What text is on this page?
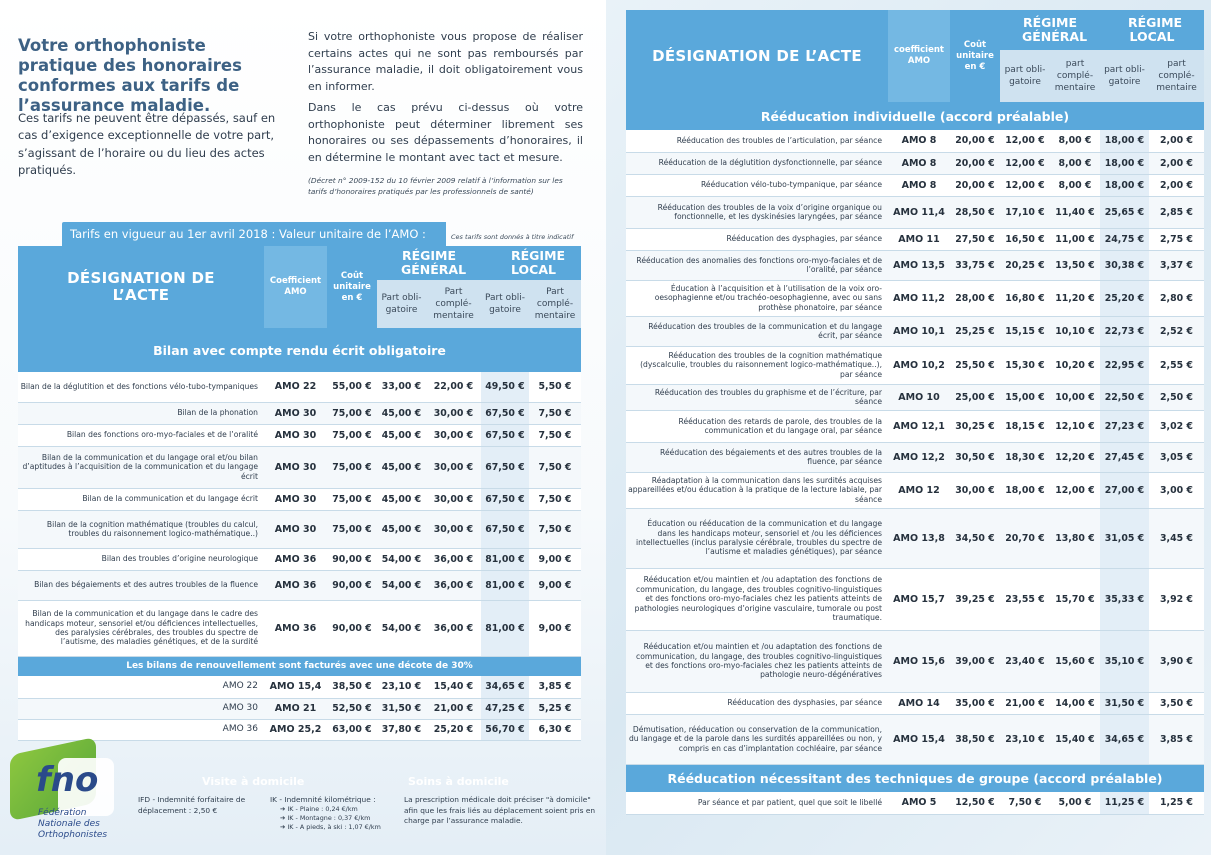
Votre orthophoniste pratique des honoraires conformes aux tarifs de l’assurance maladie.
Ces tarifs ne peuvent être dépassés, sauf en cas d’exigence exceptionnelle de votre part, s’agissant de l’horaire ou du lieu des actes pratiqués.
Si votre orthophoniste vous propose de réaliser certains actes qui ne sont pas remboursés par l’assurance maladie, il doit obligatoirement vous en informer.
Dans le cas prévu ci-dessus où votre orthophoniste peut déterminer librement ses honoraires ou ses dépassements d’honoraires, il en détermine le montant avec tact et mesure.
(Décret n° 2009-152 du 10 février 2009 relatif à l’information sur les tarifs d’honoraires pratiqués par les professionnels de santé)
Tarifs en vigueur au 1er avril 2018 : Valeur unitaire de l’AMO :	Ces tarifs sont donnés à titre indicatif
DÉSIGNATION DE L’ACTE	Coefficient AMO	Coût unitaire en €	RÉGIME GÉNÉRAL		RÉGIME LOCAL	
			Part obli-gatoire	Part complé-mentaire	Part obli-gatoire	Part complé-mentaire
Bilan avec compte rendu écrit obligatoire						
Bilan de la déglutition et des fonctions vélo-tubo-tympaniques	AMO 22	55,00 €	33,00 €	22,00 €	49,50 €	5,50 €
Bilan de la phonation	AMO 30	75,00 €	45,00 €	30,00 €	67,50 €	7,50 €
Bilan des fonctions oro-myo-faciales et de l’oralité	AMO 30	75,00 €	45,00 €	30,00 €	67,50 €	7,50 €
Bilan de la communication et du langage oral et/ou bilan d’aptitudes à l’acquisition de la communication et du langage écrit	AMO 30	75,00 €	45,00 €	30,00 €	67,50 €	7,50 €
Bilan de la communication et du langage écrit	AMO 30	75,00 €	45,00 €	30,00 €	67,50 €	7,50 €
Bilan de la cognition mathématique (troubles du calcul, troubles du raisonnement logico-mathématique..)	AMO 30	75,00 €	45,00 €	30,00 €	67,50 €	7,50 €
Bilan des troubles d’origine neurologique	AMO 36	90,00 €	54,00 €	36,00 €	81,00 €	9,00 €
Bilan des bégaiements et des autres troubles de la fluence	AMO 36	90,00 €	54,00 €	36,00 €	81,00 €	9,00 €
Bilan de la communication et du langage dans le cadre des handicaps moteur, sensoriel et/ou déficiences intellectuelles, des paralysies cérébrales, des troubles du spectre de l’autisme, des maladies génétiques, et de la surdité	AMO 36	90,00 €	54,00 €	36,00 €	81,00 €	9,00 €
Les bilans de renouvellement sont facturés avec une décote de 30%						
AMO 22	AMO 15,4	38,50 €	23,10 €	15,40 €	34,65 €	3,85 €
AMO 30	AMO 21	52,50 €	31,50 €	21,00 €	47,25 €	5,25 €
AMO 36	AMO 25,2	63,00 €	37,80 €	25,20 €	56,70 €	6,30 €
DÉSIGNATION DE L’ACTE	coefficient AMO	Coût unitaire en €	RÉGIME GÉNÉRAL		RÉGIME LOCAL	
			part obli-gatoire	part complé-mentaire	part obli-gatoire	part complé-mentaire
Rééducation individuelle (accord préalable)						
Rééducation des troubles de l’articulation, par séance	AMO 8	20,00 €	12,00 €	8,00 €	18,00 €	2,00 €
Rééducation de la déglutition dysfonctionnelle, par séance	AMO 8	20,00 €	12,00 €	8,00 €	18,00 €	2,00 €
Rééducation vélo-tubo-tympanique, par séance	AMO 8	20,00 €	12,00 €	8,00 €	18,00 €	2,00 €
Rééducation des troubles de la voix d’origine organique ou fonctionnelle, et les dyskinésies laryngées, par séance	AMO 11,4	28,50 €	17,10 €	11,40 €	25,65 €	2,85 €
Rééducation des dysphagies, par séance	AMO 11	27,50 €	16,50 €	11,00 €	24,75 €	2,75 €
Rééducation des anomalies des fonctions oro-myo-faciales et de l’oralité, par séance	AMO 13,5	33,75 €	20,25 €	13,50 €	30,38 €	3,37 €
Éducation à l’acquisition et à l’utilisation de la voix oro-oesophagienne et/ou trachéo-oesophagienne, avec ou sans prothèse phonatoire, par séance	AMO 11,2	28,00 €	16,80 €	11,20 €	25,20 €	2,80 €
Rééducation des troubles de la communication et du langage écrit, par séance	AMO 10,1	25,25 €	15,15 €	10,10 €	22,73 €	2,52 €
Rééducation des troubles de la cognition mathématique (dyscalculie, troubles du raisonnement logico-mathématique..), par séance	AMO 10,2	25,50 €	15,30 €	10,20 €	22,95 €	2,55 €
Rééducation des troubles du graphisme et de l’écriture, par séance	AMO 10	25,00 €	15,00 €	10,00 €	22,50 €	2,50 €
Rééducation des retards de parole, des troubles de la communication et du langage oral, par séance	AMO 12,1	30,25 €	18,15 €	12,10 €	27,23 €	3,02 €
Rééducation des bégaiements et des autres troubles de la fluence, par séance	AMO 12,2	30,50 €	18,30 €	12,20 €	27,45 €	3,05 €
Réadaptation à la communication dans les surdités acquises appareillées et/ou éducation à la pratique de la lecture labiale, par séance	AMO 12	30,00 €	18,00 €	12,00 €	27,00 €	3,00 €
Éducation ou rééducation de la communication et du langage dans les handicaps moteur, sensoriel et /ou les déficiences intellectuelles (inclus paralysie cérébrale, troubles du spectre de l’autisme et maladies génétiques), par séance	AMO 13,8	34,50 €	20,70 €	13,80 €	31,05 €	3,45 €
Rééducation et/ou maintien et /ou adaptation des fonctions de communication, du langage, des troubles cognitivo-linguistiques et des fonctions oro-myo-faciales chez les patients atteints de pathologies neurologiques d’origine vasculaire, tumorale ou post traumatique.	AMO 15,7	39,25 €	23,55 €	15,70 €	35,33 €	3,92 €
Rééducation et/ou maintien et /ou adaptation des fonctions de communication, du langage, des troubles cognitivo-linguistiques et des fonctions oro-myo-faciales chez les patients atteints de pathologie neuro-dégénératives	AMO 15,6	39,00 €	23,40 €	15,60 €	35,10 €	3,90 €
Rééducation des dysphasies, par séance	AMO 14	35,00 €	21,00 €	14,00 €	31,50 €	3,50 €
Démutisation, rééducation ou conservation de la communication, du langage et de la parole dans les surdités appareillées ou non, y compris en cas d’implantation cochléaire, par séance	AMO 15,4	38,50 €	23,10 €	15,40 €	34,65 €	3,85 €
Rééducation nécessitant des techniques de groupe (accord préalable)						
Par séance et par patient, quel que soit le libellé	AMO 5	12,50 €	7,50 €	5,00 €	11,25 €	1,25 €
fno
Fédération
Nationale des
Orthophonistes
Visite à domicile
IFD - Indemnité forfaitaire de déplacement : 2,50 €
IK - Indemnité kilométrique :
➔ IK - Plaine : 0,24 €/km
➔ IK - Montagne : 0,37 €/km
➔ IK - A pieds, à ski : 1,07 €/km
Soins à domicile
La prescription médicale doit préciser "à domicile" afin que les frais liés au déplacement soient pris en charge par l’assurance maladie.
